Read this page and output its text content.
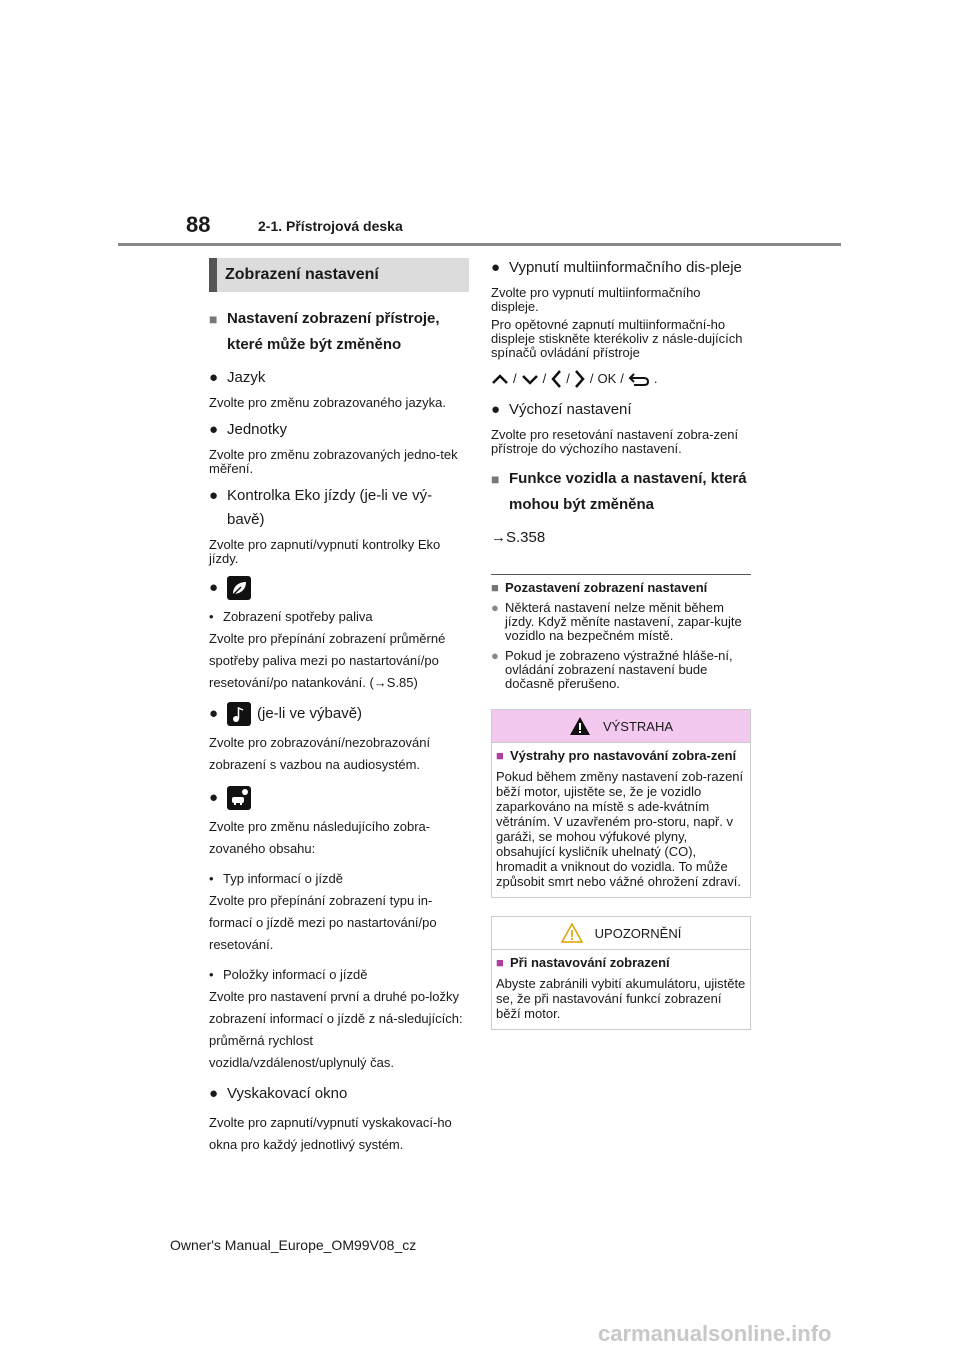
88	2-1. Přístrojová deska
Zobrazení nastavení
■ Nastavení zobrazení přístroje, které může být změněno
● Jazyk
Zvolte pro změnu zobrazovaného jazyka.
● Jednotky
Zvolte pro změnu zobrazovaných jedno-tek měření.
● Kontrolka Eko jízdy (je-li ve vý-bavě)
Zvolte pro zapnutí/vypnutí kontrolky Eko jízdy.
●
• Zobrazení spotřeby paliva
Zvolte pro přepínání zobrazení průměrné spotřeby paliva mezi po nastartování/po resetování/po natankování. (→S.85)
●	(je-li ve výbavě)
Zvolte pro zobrazování/nezobrazování zobrazení s vazbou na audiosystém.
●
Zvolte pro změnu následujícího zobra-zovaného obsahu:
• Typ informací o jízdě
Zvolte pro přepínání zobrazení typu in-formací o jízdě mezi po nastartování/po resetování.
• Položky informací o jízdě
Zvolte pro nastavení první a druhé po-ložky zobrazení informací o jízdě z ná-sledujících: průměrná rychlost vozidla/vzdálenost/uplynulý čas.
● Vyskakovací okno
Zvolte pro zapnutí/vypnutí vyskakovací-ho okna pro každý jednotlivý systém.
● Vypnutí multiinformačního dis-pleje
Zvolte pro vypnutí multiinformačního displeje.
Pro opětovné zapnutí multiinformační-ho displeje stiskněte kterékoliv z násle-dujících spínačů ovládání přístroje
/
/
/
/ OK /
.
● Výchozí nastavení
Zvolte pro resetování nastavení zobra-zení přístroje do výchozího nastavení.
■ Funkce vozidla a nastavení, která mohou být změněna
→S.358
■ Pozastavení zobrazení nastavení
● Některá nastavení nelze měnit během jízdy. Když měníte nastavení, zapar-kujte vozidlo na bezpečném místě.
● Pokud je zobrazeno výstražné hláše-ní, ovládání zobrazení nastavení bude dočasně přerušeno.
VÝSTRAHA
■ Výstrahy pro nastavování zobra-zení
Pokud během změny nastavení zob-razení běží motor, ujistěte se, že je vozidlo zaparkováno na místě s ade-kvátním větráním. V uzavřeném pro-storu, např. v garáži, se mohou výfukové plyny, obsahující kysličník uhelnatý (CO), hromadit a vniknout do vozidla. To může způsobit smrt nebo vážné ohrožení zdraví.
UPOZORNĚNÍ
■ Při nastavování zobrazení
Abyste zabránili vybití akumulátoru, ujistěte se, že při nastavování funkcí zobrazení běží motor.
Owner's Manual_Europe_OM99V08_cz
carmanualsonline.info
